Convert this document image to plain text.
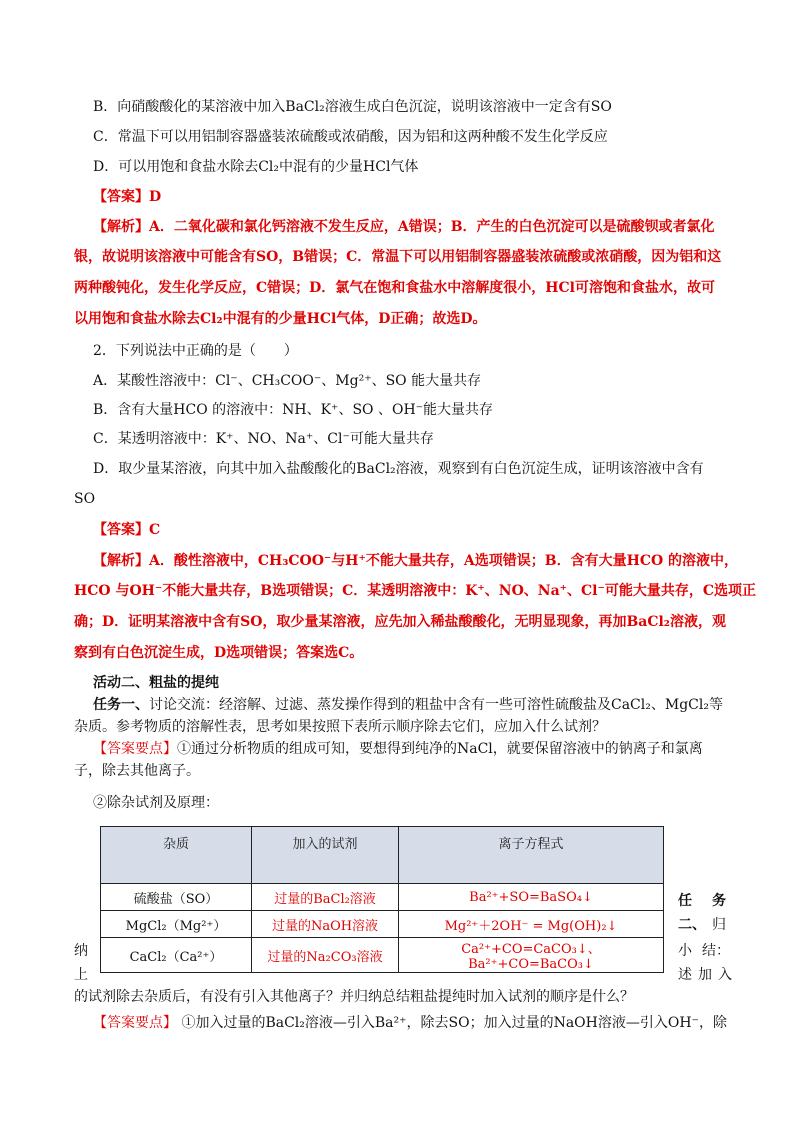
B．向硝酸酸化的某溶液中加入BaCl₂溶液生成白色沉淀，说明该溶液中一定含有SO
C．常温下可以用铝制容器盛装浓硫酸或浓硝酸，因为铝和这两种酸不发生化学反应
D．可以用饱和食盐水除去Cl₂中混有的少量HCl气体
【答案】D
【解析】A．二氧化碳和氯化钙溶液不发生反应，A错误；B．产生的白色沉淀可以是硫酸钡或者氯化
银，故说明该溶液中可能含有SO，B错误；C．常温下可以用铝制容器盛装浓硫酸或浓硝酸，因为铝和这
两种酸钝化，发生化学反应，C错误；D．氯气在饱和食盐水中溶解度很小，HCl可溶饱和食盐水，故可
以用饱和食盐水除去Cl₂中混有的少量HCl气体，D正确；故选D。
2．下列说法中正确的是（　　）
A．某酸性溶液中：Cl⁻、CH₃COO⁻、Mg²⁺、SO 能大量共存
B．含有大量HCO 的溶液中：NH、K⁺、SO 、OH⁻能大量共存
C．某透明溶液中：K⁺、NO、Na⁺、Cl⁻可能大量共存
D．取少量某溶液，向其中加入盐酸酸化的BaCl₂溶液，观察到有白色沉淀生成，证明该溶液中含有
SO
【答案】C
【解析】A．酸性溶液中，CH₃COO⁻与H⁺不能大量共存，A选项错误；B．含有大量HCO 的溶液中，
HCO 与OH⁻不能大量共存，B选项错误；C．某透明溶液中：K⁺、NO、Na⁺、Cl⁻可能大量共存，C选项正
确；D．证明某溶液中含有SO，取少量某溶液，应先加入稀盐酸酸化，无明显现象，再加BaCl₂溶液，观
察到有白色沉淀生成，D选项错误；答案选C。
活动二、粗盐的提纯
任务一、讨论交流：经溶解、过滤、蒸发操作得到的粗盐中含有一些可溶性硫酸盐及CaCl₂、MgCl₂等
杂质。参考物质的溶解性表，思考如果按照下表所示顺序除去它们，应加入什么试剂？
【答案要点】①通过分析物质的组成可知，要想得到纯净的NaCl，就要保留溶液中的钠离子和氯离
子，除去其他离子。
②除杂试剂及原理：
杂质	加入的试剂	离子方程式
硫酸盐（SO）	过量的BaCl₂溶液	Ba²⁺+SO=BaSO₄↓
MgCl₂（Mg²⁺）	过量的NaOH溶液	Mg²⁺＋2OH⁻ = Mg(OH)₂↓
CaCl₂（Ca²⁺）	过量的Na₂CO₃溶液	Ca²⁺+CO=CaCO₃↓、Ba²⁺+CO=BaCO₃↓
任 务
二、 归
小 结：
纳
上	述 加 入
的试剂除去杂质后，有没有引入其他离子？并归纳总结粗盐提纯时加入试剂的顺序是什么？
【答案要点】 ①加入过量的BaCl₂溶液—引入Ba²⁺，除去SO；加入过量的NaOH溶液—引入OH⁻，除
